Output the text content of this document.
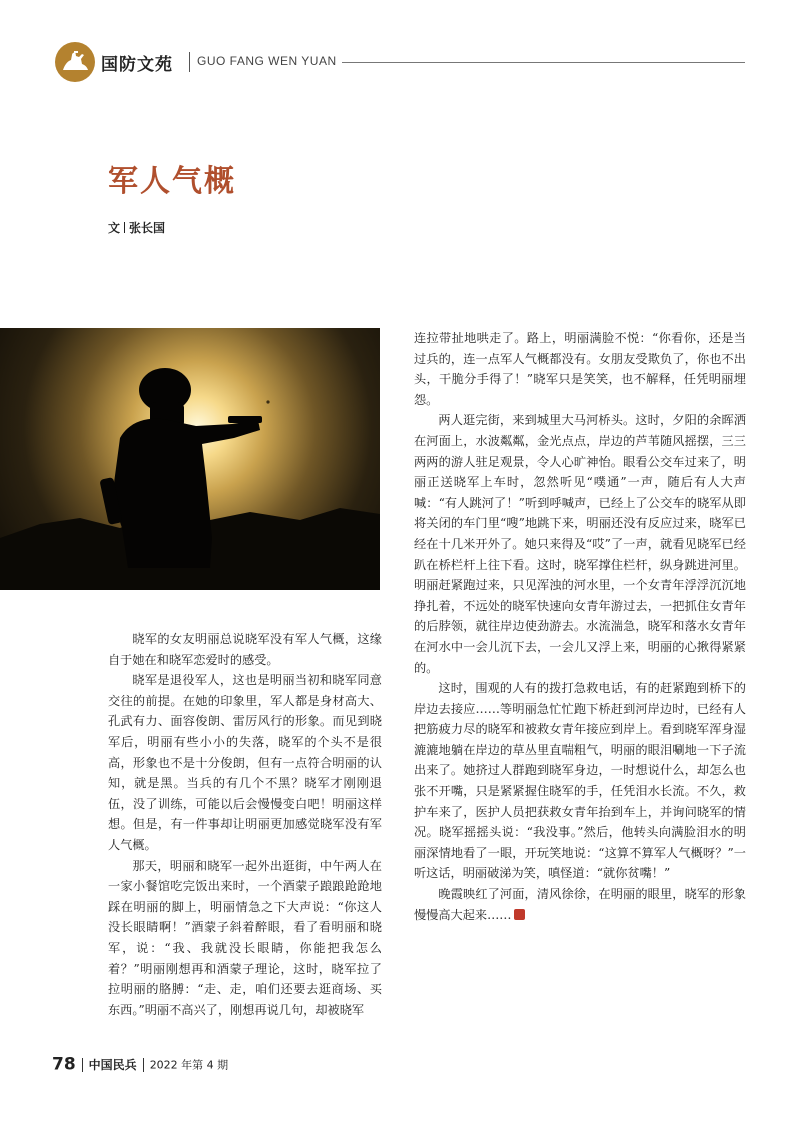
国防文苑 GUO FANG WEN YUAN
军人气概
文 张长国

晓军的女友明丽总说晓军没有军人气概，这缘自于她在和晓军恋爱时的感受。

晓军是退役军人，这也是明丽当初和晓军同意交往的前提。在她的印象里，军人都是身材高大、孔武有力、面容俊朗、雷厉风行的形象。而见到晓军后，明丽有些小小的失落，晓军的个头不是很高，形象也不是十分俊朗，但有一点符合明丽的认知，就是黑。当兵的有几个不黑？晓军才刚刚退伍，没了训练，可能以后会慢慢变白吧！明丽这样想。但是，有一件事却让明丽更加感觉晓军没有军人气概。

那天，明丽和晓军一起外出逛街，中午两人在一家小餐馆吃完饭出来时，一个酒蒙子踉踉跄跄地踩在明丽的脚上，明丽情急之下大声说：“你这人没长眼睛啊！”酒蒙子斜着醉眼，看了看明丽和晓军，说：“我、我就没长眼睛，你能把我怎么着？”明丽刚想再和酒蒙子理论，这时，晓军拉了拉明丽的胳膊：“走、走，咱们还要去逛商场、买东西。”明丽不高兴了，刚想再说几句，却被晓军

连拉带扯地哄走了。路上，明丽满脸不悦：“你看你，还是当过兵的，连一点军人气概都没有。女朋友受欺负了，你也不出头，干脆分手得了！”晓军只是笑笑，也不解释，任凭明丽埋怨。

两人逛完街，来到城里大马河桥头。这时，夕阳的余晖洒在河面上，水波粼粼，金光点点，岸边的芦苇随风摇摆，三三两两的游人驻足观景，令人心旷神怡。眼看公交车过来了，明丽正送晓军上车时，忽然听见“噗通”一声，随后有人大声喊：“有人跳河了！”听到呼喊声，已经上了公交车的晓军从即将关闭的车门里“嗖”地跳下来，明丽还没有反应过来，晓军已经在十几米开外了。她只来得及“哎”了一声，就看见晓军已经趴在桥栏杆上往下看。这时，晓军撑住栏杆，纵身跳进河里。明丽赶紧跑过来，只见浑浊的河水里，一个女青年浮浮沉沉地挣扎着，不远处的晓军快速向女青年游过去，一把抓住女青年的后脖领，就往岸边使劲游去。水流湍急，晓军和落水女青年在河水中一会儿沉下去，一会儿又浮上来，明丽的心揪得紧紧的。

这时，围观的人有的拨打急救电话，有的赶紧跑到桥下的岸边去接应……等明丽急忙忙跑下桥赶到河岸边时，已经有人把筋疲力尽的晓军和被救女青年接应到岸上。看到晓军浑身湿漉漉地躺在岸边的草丛里直喘粗气，明丽的眼泪唰地一下子流出来了。她挤过人群跑到晓军身边，一时想说什么，却怎么也张不开嘴，只是紧紧握住晓军的手，任凭泪水长流。不久，救护车来了，医护人员把获救女青年抬到车上，并询问晓军的情况。晓军摇摇头说：“我没事。”然后，他转头向满脸泪水的明丽深情地看了一眼，开玩笑地说：“这算不算军人气概呀？”一听这话，明丽破涕为笑，嗔怪道：“就你贫嘴！”

晚霞映红了河面，清风徐徐，在明丽的眼里，晓军的形象慢慢高大起来……

78 中国民兵 2022 年第 4 期
